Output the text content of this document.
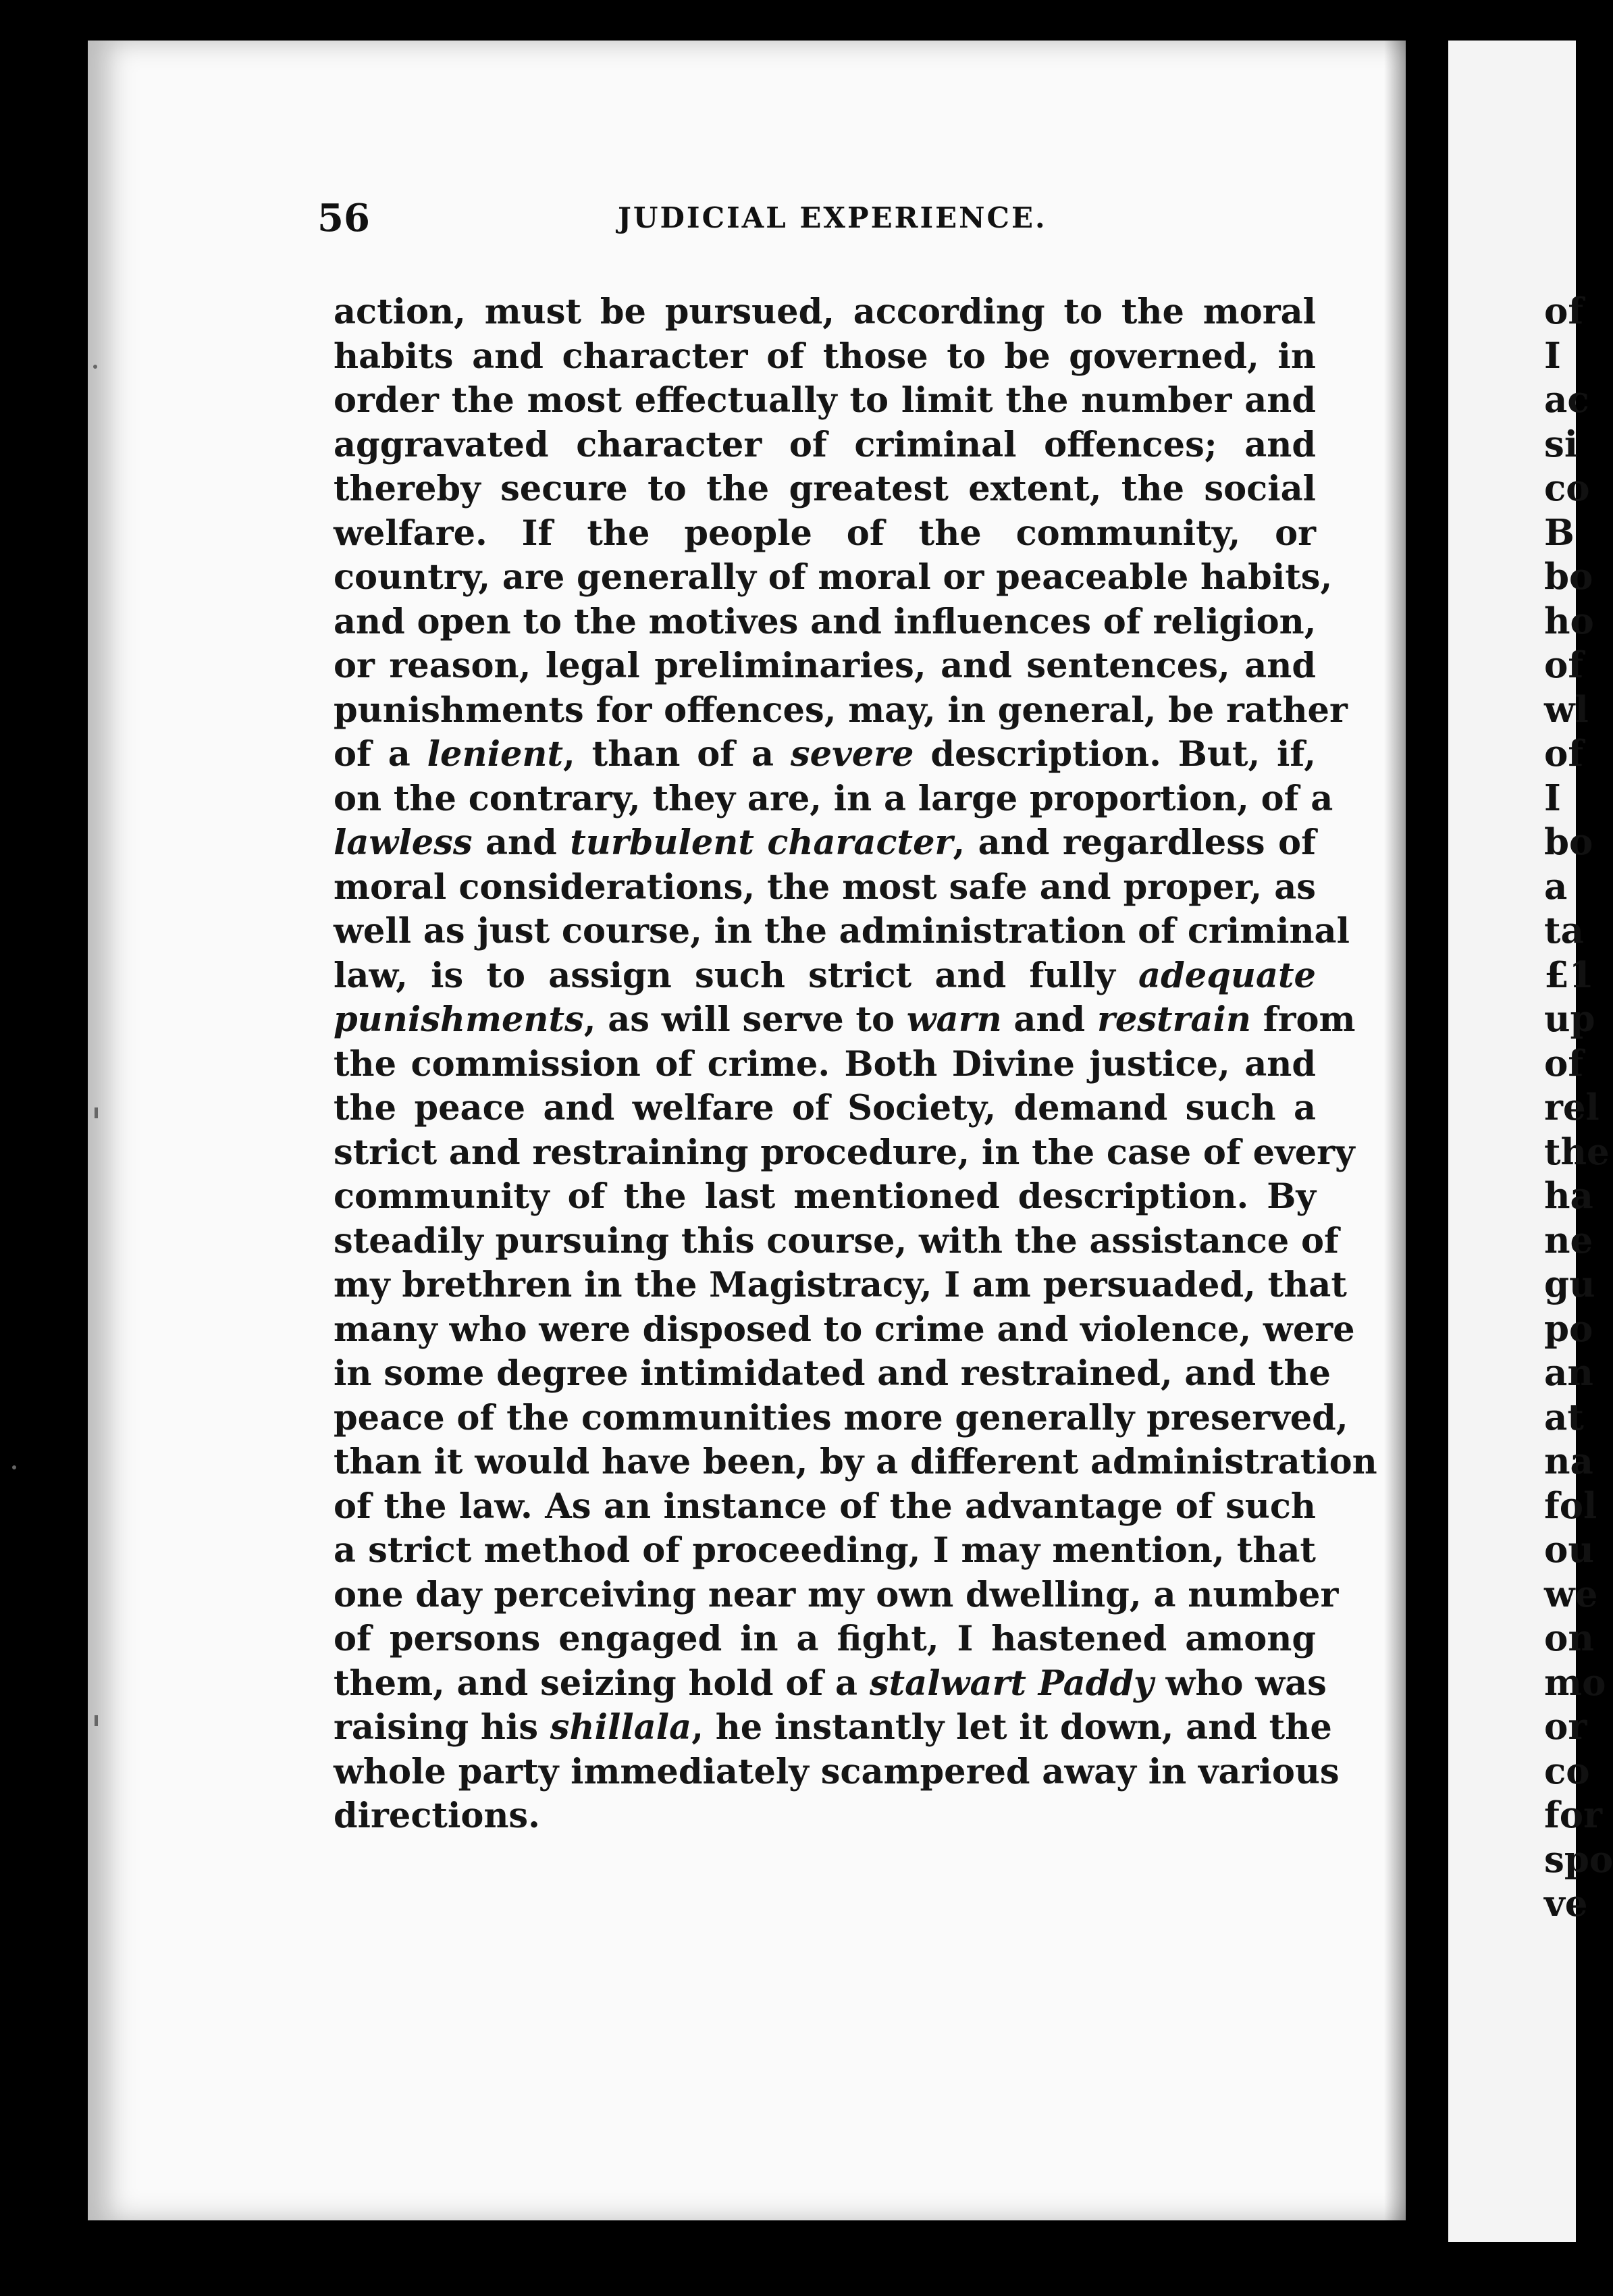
of
I
ac
si
co
B
bo
ho
of
wl
of
I
bo
a
ta
£1
up
of
rel
the
ha
ne
gu
po
an
at
na
fol
ou
we
on
mo
or
co
for
spo
ve
56	JUDICIAL EXPERIENCE.
action, must be pursued, according to the moral
habits and character of those to be governed, in
order the most effectually to limit the number and
aggravated character of criminal offences; and
thereby secure to the greatest extent, the social
welfare. If the people of the community, or
country, are generally of moral or peaceable habits,
and open to the motives and influences of religion,
or reason, legal preliminaries, and sentences, and
punishments for offences, may, in general, be rather
of a lenient, than of a severe description. But, if,
on the contrary, they are, in a large proportion, of a
lawless and turbulent character, and regardless of
moral considerations, the most safe and proper, as
well as just course, in the administration of criminal
law, is to assign such strict and fully adequate
punishments, as will serve to warn and restrain from
the commission of crime. Both Divine justice, and
the peace and welfare of Society, demand such a
strict and restraining procedure, in the case of every
community of the last mentioned description. By
steadily pursuing this course, with the assistance of
my brethren in the Magistracy, I am persuaded, that
many who were disposed to crime and violence, were
in some degree intimidated and restrained, and the
peace of the communities more generally preserved,
than it would have been, by a different administration
of the law. As an instance of the advantage of such
a strict method of proceeding, I may mention, that
one day perceiving near my own dwelling, a number
of persons engaged in a fight, I hastened among
them, and seizing hold of a stalwart Paddy who was
raising his shillala, he instantly let it down, and the
whole party immediately scampered away in various
directions.
